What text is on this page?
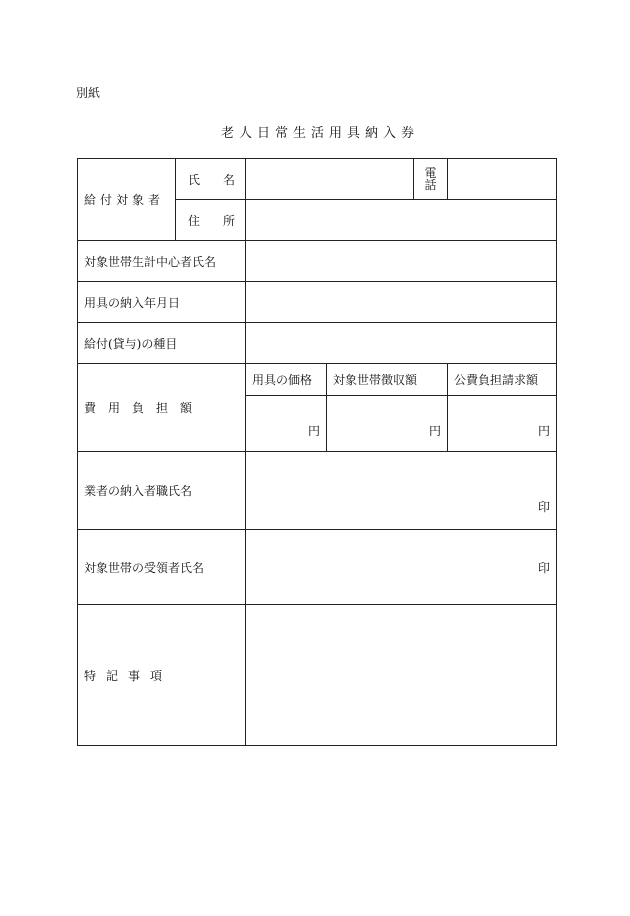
別紙
老人日常生活用具納入券
給付対象者	氏 名			電
話	

	住 所				

対象世帯生計中心者氏名					
用具の納入年月日					
給付(貸与)の種目					
費用負担額		用具の価格	対象世帯徴収額		公費負担請求額
		円	円		円
業者の納入者職氏名		印			

対象世帯の受領者氏名		印			

特記事項					
